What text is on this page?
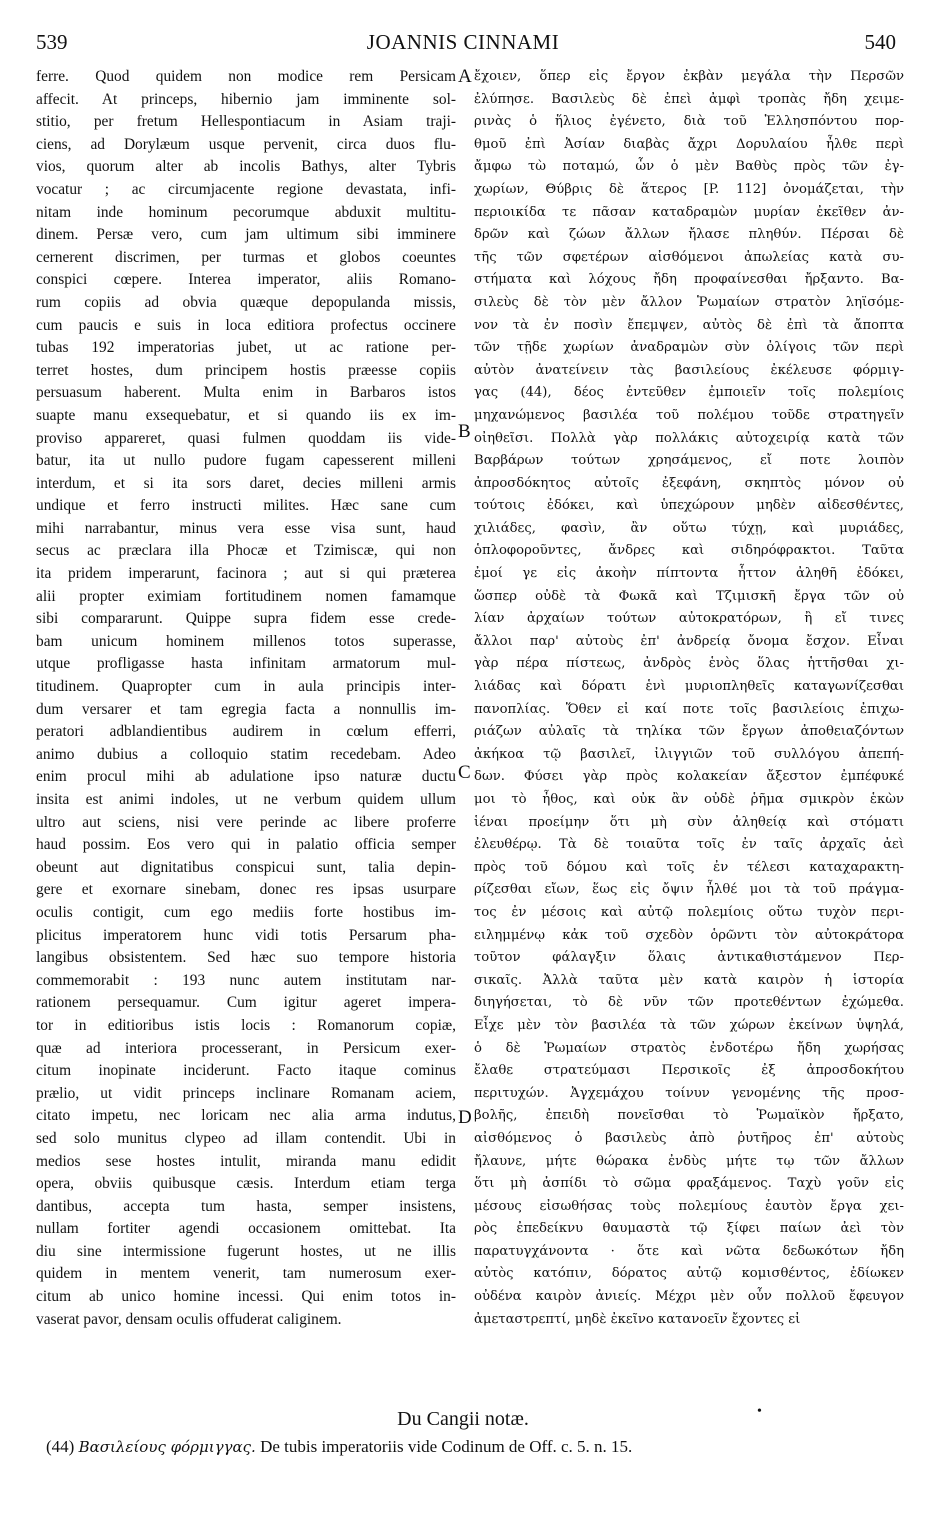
539	JOANNIS CINNAMI	540
ferre. Quod quidem non modice rem Persicam
affecit. At princeps, hibernio jam imminente sol-
stitio, per fretum Hellespontiacum in Asiam traji-
ciens, ad Dorylæum usque pervenit, circa duos flu-
vios, quorum alter ab incolis Bathys, alter Tybris
vocatur ; ac circumjacente regione devastata, infi-
nitam inde hominum pecorumque abduxit multitu-
dinem. Persæ vero, cum jam ultimum sibi imminere
cernerent discrimen, per turmas et globos coeuntes
conspici cœpere. Interea imperator, aliis Romano-
rum copiis ad obvia quæque depopulanda missis,
cum paucis e suis in loca editiora profectus occinere
tubas 192 imperatorias jubet, ut ac ratione per-
terret hostes, dum principem hostis præesse copiis
persuasum haberent. Multa enim in Barbaros istos
suapte manu exsequebatur, et si quando iis ex im-
proviso appareret, quasi fulmen quoddam iis vide-
batur, ita ut nullo pudore fugam capesserent milleni
interdum, et si ita sors daret, decies milleni armis
undique et ferro instructi milites. Hæc sane cum
mihi narrabantur, minus vera esse visa sunt, haud
secus ac præclara illa Phocæ et Tzimiscæ, qui non
ita pridem imperarunt, facinora ; aut si qui præterea
alii propter eximiam fortitudinem nomen famamque
sibi compararunt. Quippe supra fidem esse crede-
bam unicum hominem millenos totos superasse,
utque profligasse hasta infinitam armatorum mul-
titudinem. Quapropter cum in aula principis inter-
dum versarer et tam egregia facta a nonnullis im-
peratori adblandientibus audirem in cœlum efferri,
animo dubius a colloquio statim recedebam. Adeo
enim procul mihi ab adulatione ipso naturæ ductu
insita est animi indoles, ut ne verbum quidem ullum
ultro aut sciens, nisi vere perinde ac libere proferre
haud possim. Eos vero qui in palatio officia semper
obeunt aut dignitatibus conspicui sunt, talia depin-
gere et exornare sinebam, donec res ipsas usurpare
oculis contigit, cum ego mediis forte hostibus im-
plicitus imperatorem hunc vidi totis Persarum pha-
langibus obsistentem. Sed hæc suo tempore historia
commemorabit : 193 nunc autem institutam nar-
rationem persequamur. Cum igitur ageret impera-
tor in editioribus istis locis : Romanorum copiæ,
quæ ad interiora processerant, in Persicum exer-
citum inopinate inciderunt. Facto itaque cominus
prælio, ut vidit princeps inclinare Romanam aciem,
citato impetu, nec loricam nec alia arma indutus,
sed solo munitus clypeo ad illam contendit. Ubi in
medios sese hostes intulit, miranda manu edidit
opera, obviis quibusque cæsis. Interdum etiam terga
dantibus, accepta tum hasta, semper insistens,
nullam fortiter agendi occasionem omittebat. Ita
diu sine intermissione fugerunt hostes, ut ne illis
quidem in mentem venerit, tam numerosum exer-
citum ab unico homine incessi. Qui enim totos in-
vaserat pavor, densam oculis offuderat caliginem.
ἔχοιεν, ὅπερ εἰς ἔργον ἐκβὰν μεγάλα τὴν Περσῶν
ἐλύπησε. Βασιλεὺς δὲ ἐπεὶ ἀμφὶ τροπὰς ἤδη χειμε-
ρινὰς ὁ ἥλιος ἐγένετο, διὰ τοῦ Ἑλλησπόντου πορ-
θμοῦ ἐπὶ Ἀσίαν διαβὰς ἄχρι Δορυλαίου ἦλθε περὶ
ἄμφω τὼ ποταμώ, ὧν ὁ μὲν Βαθὺς πρὸς τῶν ἐγ-
χωρίων, Θύβρις δὲ ἅτερος [P. 112] ὀνομάζεται, τὴν
περιοικίδα τε πᾶσαν καταδραμὼν μυρίαν ἐκεῖθεν ἀν-
δρῶν καὶ ζώων ἄλλων ἤλασε πληθύν. Πέρσαι δὲ
τῆς τῶν σφετέρων αἰσθόμενοι ἀπωλείας κατὰ συ-
στήματα καὶ λόχους ἤδη προφαίνεσθαι ἤρξαντο. Βα-
σιλεὺς δὲ τὸν μὲν ἄλλον Ῥωμαίων στρατὸν ληϊσόμε-
νον τὰ ἐν ποσὶν ἔπεμψεν, αὐτὸς δὲ ἐπὶ τὰ ἄποπτα
τῶν τῇδε χωρίων ἀναδραμὼν σὺν ὀλίγοις τῶν περὶ
αὐτὸν ἀνατείνειν τὰς βασιλείους ἐκέλευσε φόρμιγ-
γας (44), δέος ἐντεῦθεν ἐμποιεῖν τοῖς πολεμίοις
μηχανώμενος βασιλέα τοῦ πολέμου τοῦδε στρατηγεῖν
οἰηθεῖσι. Πολλὰ γὰρ πολλάκις αὐτοχειρίᾳ κατὰ τῶν
Βαρβάρων τούτων χρησάμενος, εἴ ποτε λοιπὸν
ἀπροσδόκητος αὐτοῖς ἐξεφάνη, σκηπτὸς μόνον οὐ
τούτοις ἐδόκει, καὶ ὑπεχώρουν μηδὲν αἰδεσθέντες,
χιλιάδες, φασὶν, ἂν οὕτω τύχῃ, καὶ μυριάδες,
ὁπλοφοροῦντες, ἄνδρες καὶ σιδηρόφρακτοι. Ταῦτα
ἐμοί γε εἰς ἀκοὴν πίπτοντα ἧττον ἀληθῆ ἐδόκει,
ὥσπερ οὐδὲ τὰ Φωκᾶ καὶ Τζιμισκῆ ἔργα τῶν οὐ
λίαν ἀρχαίων τούτων αὐτοκρατόρων, ἢ εἴ τινες
ἄλλοι παρ' αὐτοὺς ἐπ' ἀνδρείᾳ ὄνομα ἔσχον. Εἶναι
γὰρ πέρα πίστεως, ἀνδρὸς ἑνὸς ὅλας ἡττῆσθαι χι-
λιάδας καὶ δόρατι ἑνὶ μυριοπληθεῖς καταγωνίζεσθαι
πανοπλίας. Ὅθεν εἰ καί ποτε τοῖς βασιλείοις ἐπιχω-
ριάζων αὐλαῖς τὰ τηλίκα τῶν ἔργων ἀποθειαζόντων
ἀκήκοα τῷ βασιλεῖ, ἰλιγγιῶν τοῦ συλλόγου ἀπεπή-
δων. Φύσει γὰρ πρὸς κολακείαν ἄξεστον ἐμπέφυκέ
μοι τὸ ἦθος, καὶ οὐκ ἂν οὐδὲ ῥῆμα σμικρὸν ἑκὼν
ἱέναι προείμην ὅτι μὴ σὺν ἀληθείᾳ καὶ στόματι
ἐλευθέρῳ. Τὰ δὲ τοιαῦτα τοῖς ἐν ταῖς ἀρχαῖς ἀεὶ
πρὸς τοῦ δόμου καὶ τοῖς ἐν τέλεσι καταχαρακτη-
ρίζεσθαι εἴων, ἕως εἰς ὄψιν ἦλθέ μοι τὰ τοῦ πράγμα-
τος ἐν μέσοις καὶ αὐτῷ πολεμίοις οὕτω τυχὸν περι-
ειλημμένῳ κἀκ τοῦ σχεδὸν ὁρῶντι τὸν αὐτοκράτορα
τοῦτον φάλαγξιν ὅλαις ἀντικαθιστάμενον Περ-
σικαῖς. Ἀλλὰ ταῦτα μὲν κατὰ καιρὸν ἡ ἱστορία
διηγήσεται, τὸ δὲ νῦν τῶν προτεθέντων ἐχώμεθα.
Εἶχε μὲν τὸν βασιλέα τὰ τῶν χώρων ἐκείνων ὑψηλά,
ὁ δὲ Ῥωμαίων στρατὸς ἐνδοτέρω ἤδη χωρήσας
ἔλαθε στρατεύμασι Περσικοῖς ἐξ ἀπροσδοκήτου
περιτυχών. Ἀγχεμάχου τοίνυν γενομένης τῆς προσ-
βολῆς, ἐπειδὴ πονεῖσθαι τὸ Ῥωμαϊκὸν ἤρξατο,
αἰσθόμενος ὁ βασιλεὺς ἀπὸ ῥυτῆρος ἐπ' αὐτοὺς
ἤλαυνε, μήτε θώρακα ἐνδὺς μήτε τῳ τῶν ἄλλων
ὅτι μὴ ἀσπίδι τὸ σῶμα φραξάμενος. Ταχὺ γοῦν εἰς
μέσους εἰσωθήσας τοὺς πολεμίους ἑαυτὸν ἔργα χει-
ρὸς ἐπεδείκνυ θαυμαστὰ τῷ ξίφει παίων ἀεὶ τὸν
παρατυγχάνοντα · ὅτε καὶ νῶτα δεδωκότων ἤδη
αὐτὸς κατόπιν, δόρατος αὐτῷ κομισθέντος, ἐδίωκεν
οὐδένα καιρὸν ἀνιείς. Μέχρι μὲν οὖν πολλοῦ ἔφευγον
ἀμεταστρεπτί, μηδὲ ἐκεῖνο κατανοεῖν ἔχοντες εἰ
A
B
C
D
Du Cangii notæ.	•
(44) Βασιλείους φόρμιγγας. De tubis imperatoriis vide Codinum de Off. c. 5. n. 15.
